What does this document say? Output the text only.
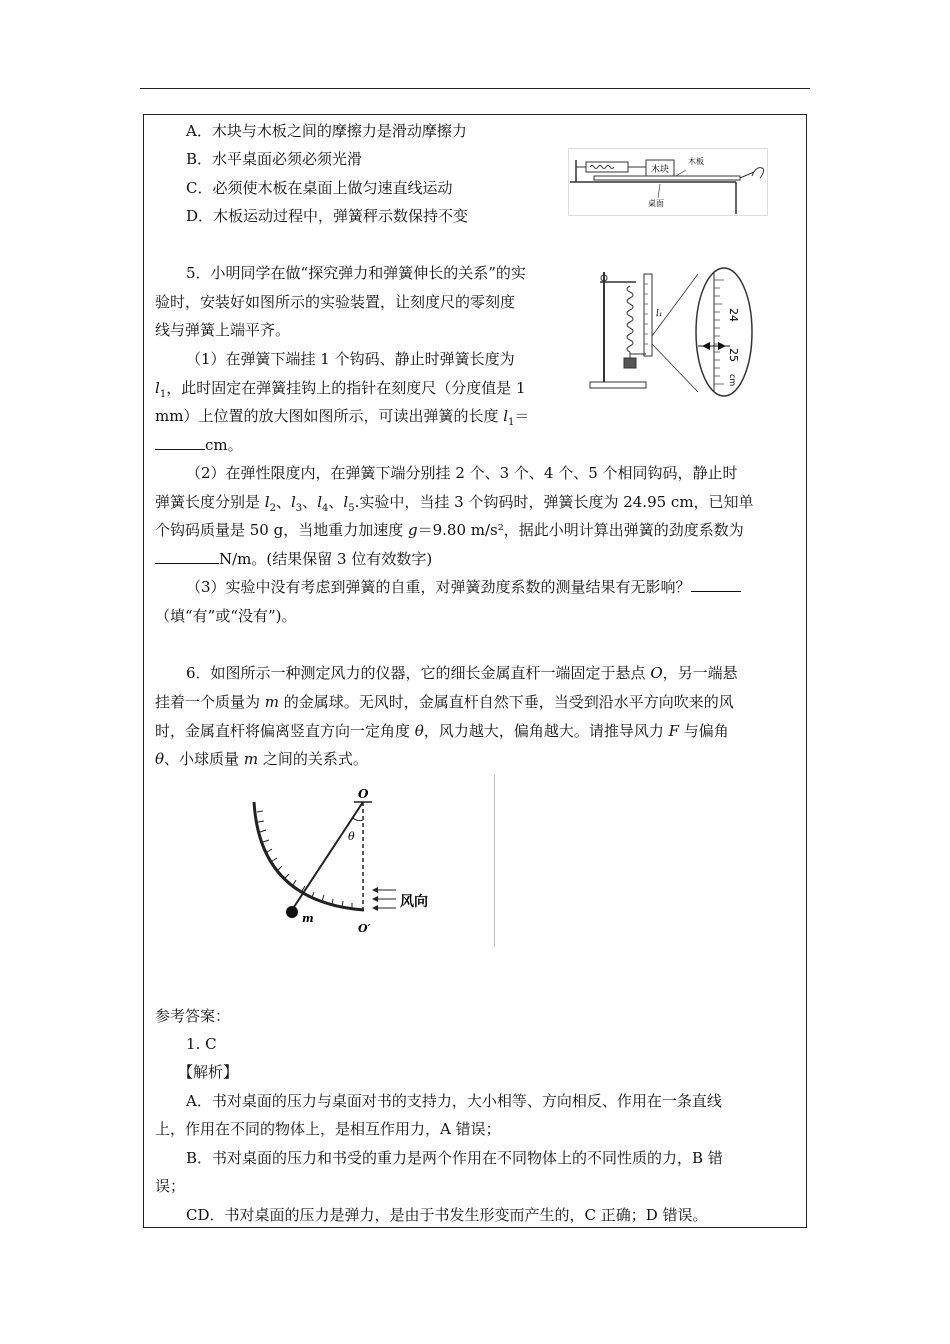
A．木块与木板之间的摩擦力是滑动摩擦力
B．水平桌面必须必须光滑
C．必须使木板在桌面上做匀速直线运动
D．木板运动过程中，弹簧秤示数保持不变
木块
木板
桌面
5．小明同学在做“探究弹力和弹簧伸长的关系”的实
验时，安装好如图所示的实验装置，让刻度尺的零刻度
线与弹簧上端平齐。
（1）在弹簧下端挂 1 个钩码、静止时弹簧长度为
$l_1$，此时固定在弹簧挂钩上的指针在刻度尺（分度值是 1
mm）上位置的放大图如图所示，可读出弹簧的长度 $l_1=$
cm。
（2）在弹性限度内，在弹簧下端分别挂 2 个、3 个、4 个、5 个相同钩码，静止时
弹簧长度分别是 $l_2$、$l_3$、$l_4$、$l_5$.实验中，当挂 3 个钩码时，弹簧长度为 24.95 cm，已知单
个钩码质量是 50 g，当地重力加速度 g＝9.80 m/s²，据此小明计算出弹簧的劲度系数为
N/m。(结果保留 3 位有效数字)
（3）实验中没有考虑到弹簧的自重，对弹簧劲度系数的测量结果有无影响？
（填“有”或“没有”)。
l₁	24
25
cm
6．如图所示一种测定风力的仪器，它的细长金属直杆一端固定于悬点 O，另一端悬
挂着一个质量为 m 的金属球。无风时，金属直杆自然下垂，当受到沿水平方向吹来的风
时，金属直杆将偏离竖直方向一定角度 θ，风力越大，偏角越大。请推导风力 F 与偏角
θ、小球质量 m 之间的关系式。
O
m
θ
O′
风向
参考答案：
1. C
【解析】
A．书对桌面的压力与桌面对书的支持力，大小相等、方向相反、作用在一条直线
上，作用在不同的物体上，是相互作用力，A 错误；
B．书对桌面的压力和书受的重力是两个作用在不同物体上的不同性质的力，B 错
误；
CD．书对桌面的压力是弹力，是由于书发生形变而产生的，C 正确；D 错误。
